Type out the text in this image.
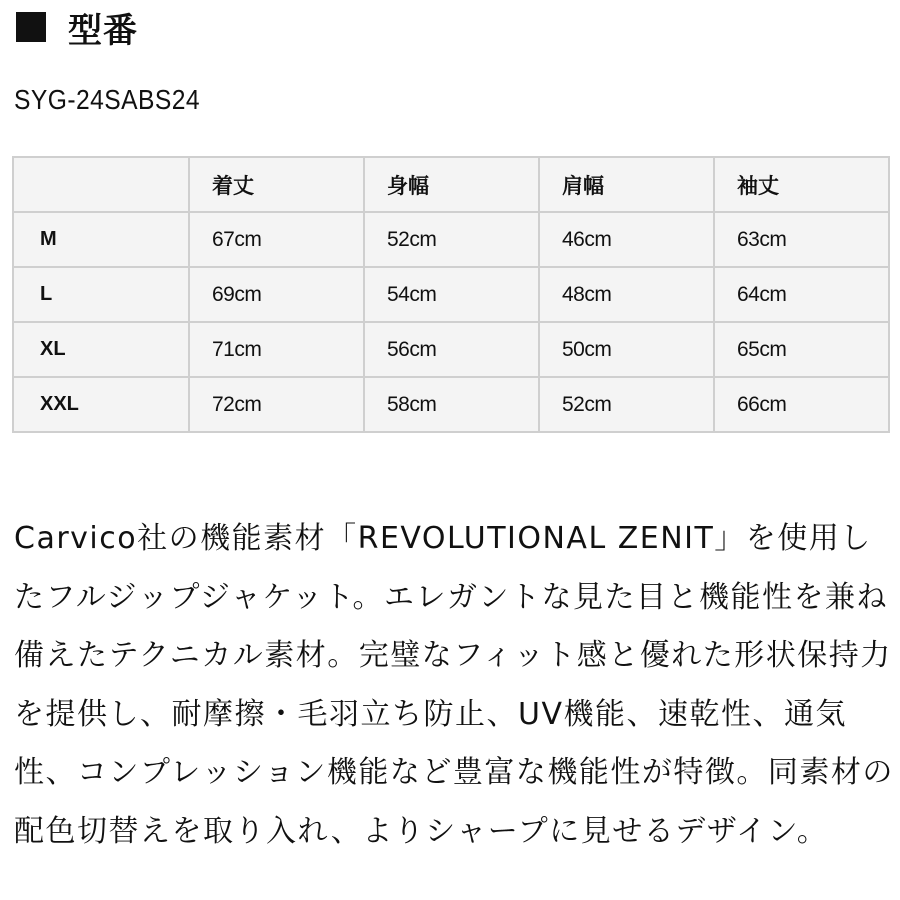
型番
SYG-24SABS24
	着丈	身幅	肩幅	袖丈
M	67cm	52cm	46cm	63cm
L	69cm	54cm	48cm	64cm
XL	71cm	56cm	50cm	65cm
XXL	72cm	58cm	52cm	66cm

Carvico社の機能素材「REVOLUTIONAL ZENIT」を使用したフルジップジャケット。エレガントな見た目と機能性を兼ね備えたテクニカル素材。完璧なフィット感と優れた形状保持力を提供し、耐摩擦・毛羽立ち防止、UV機能、速乾性、通気性、コンプレッション機能など豊富な機能性が特徴。同素材の配色切替えを取り入れ、よりシャープに見せるデザイン。
